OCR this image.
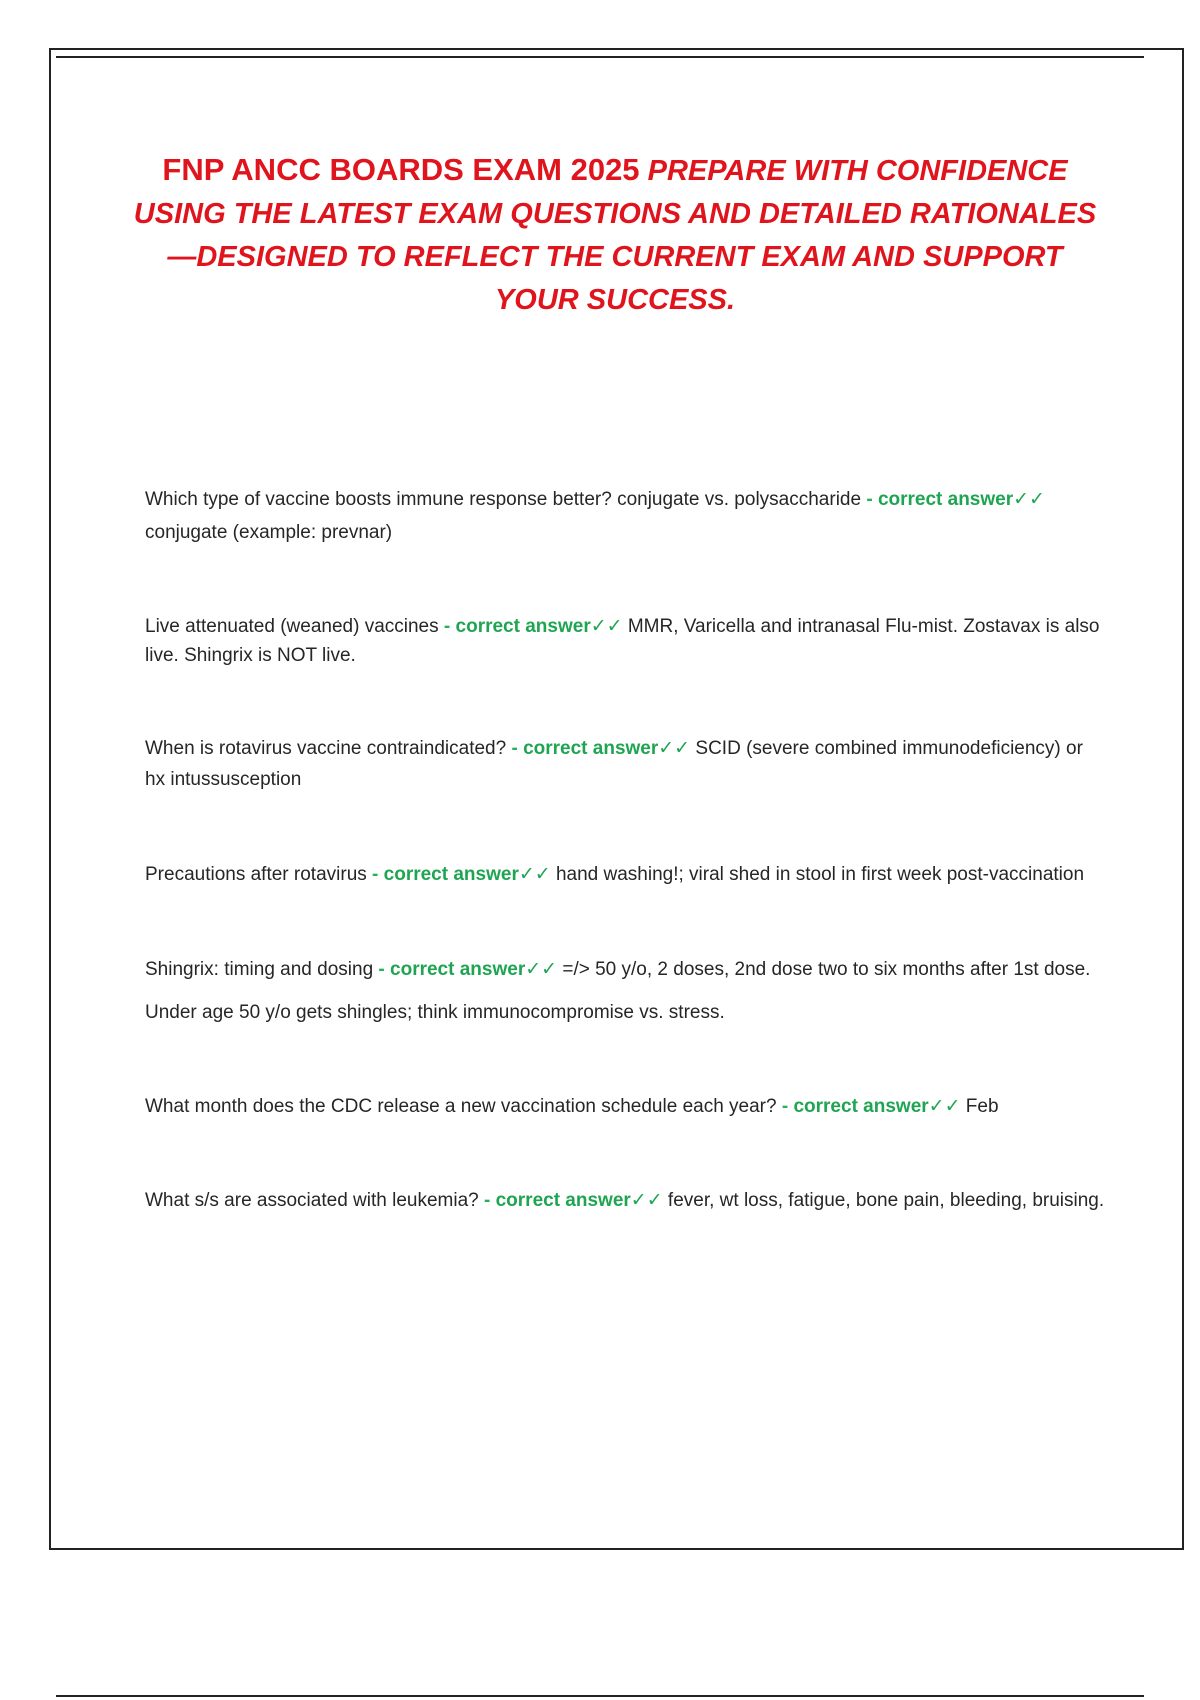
FNP ANCC BOARDS EXAM 2025 PREPARE WITH CONFIDENCE USING THE LATEST EXAM QUESTIONS AND DETAILED RATIONALES—DESIGNED TO REFLECT THE CURRENT EXAM AND SUPPORT YOUR SUCCESS.

Which type of vaccine boosts immune response better? conjugate vs. polysaccharide - correct answer✓✓ conjugate (example: prevnar)

Live attenuated (weaned) vaccines - correct answer✓✓ MMR, Varicella and intranasal Flu-mist. Zostavax is also live. Shingrix is NOT live.

When is rotavirus vaccine contraindicated? - correct answer✓✓ SCID (severe combined immunodeficiency) or hx intussusception

Precautions after rotavirus - correct answer✓✓ hand washing!; viral shed in stool in first week post-vaccination

Shingrix: timing and dosing - correct answer✓✓ =/> 50 y/o, 2 doses, 2nd dose two to six months after 1st dose.

Under age 50 y/o gets shingles; think immunocompromise vs. stress.

What month does the CDC release a new vaccination schedule each year? - correct answer✓✓ Feb

What s/s are associated with leukemia? - correct answer✓✓ fever, wt loss, fatigue, bone pain, bleeding, bruising.
